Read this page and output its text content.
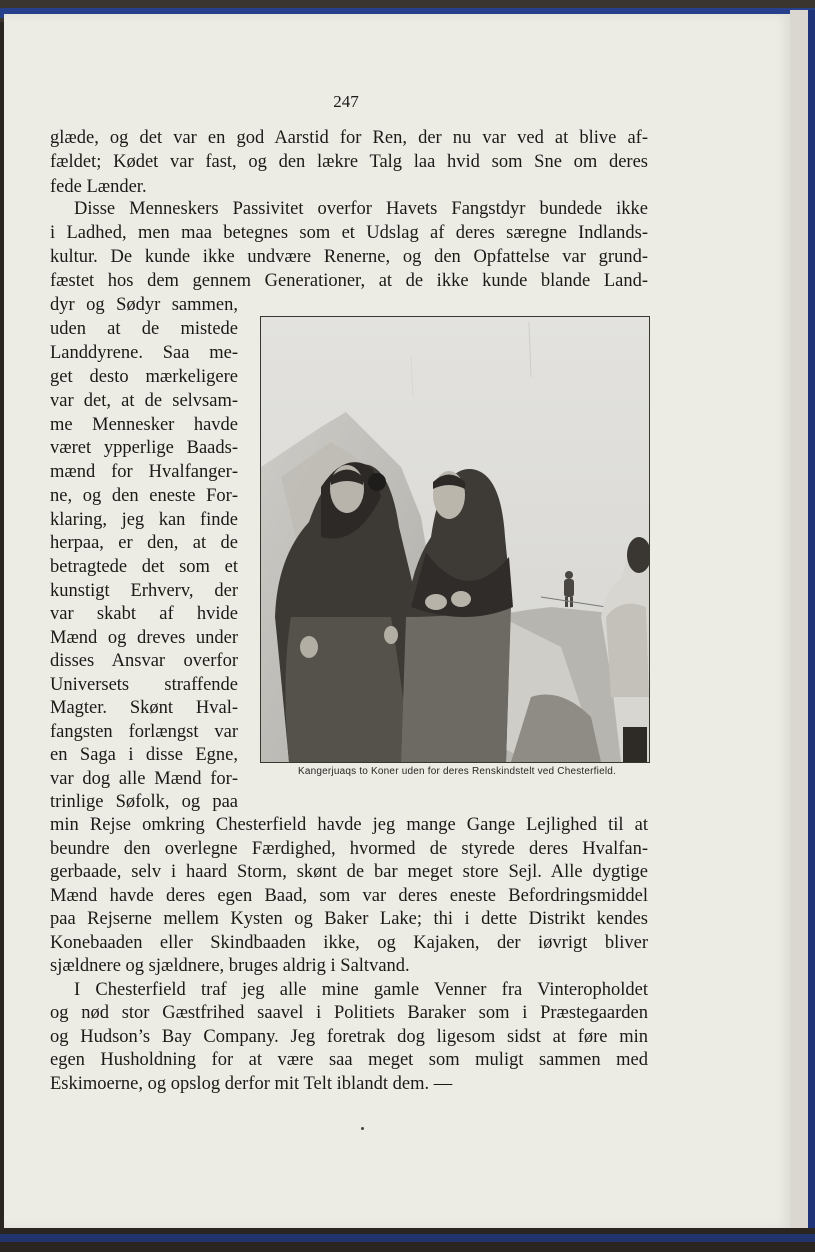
247
glæde, og det var en god Aarstid for Ren, der nu var ved at blive af‐
fældet; Kødet var fast, og den lækre Talg laa hvid som Sne om deres
fede Lænder.
Disse Menneskers Passivitet overfor Havets Fangstdyr bundede ikke
i Ladhed, men maa betegnes som et Udslag af deres særegne Indlands‐
kultur. De kunde ikke undvære Renerne, og den Opfattelse var grund‐
fæstet hos dem gennem Generationer, at de ikke kunde blande Land‐
dyr og Sødyr sammen,
uden at de mistede
Landdyrene. Saa me‐
get desto mærkeligere
var det, at de selvsam‐
me Mennesker havde
været ypperlige Baads‐
mænd for Hvalfanger‐
ne, og den eneste For‐
klaring, jeg kan finde
herpaa, er den, at de
betragtede det som et
kunstigt Erhverv, der
var skabt af hvide
Mænd og dreves under
disses Ansvar overfor
Universets straffende
Magter. Skønt Hval‐
fangsten forlængst var
en Saga i disse Egne,
var dog alle Mænd for‐
trinlige Søfolk, og paa
Kangerjuaqs to Koner uden for deres Renskindstelt ved Chesterfield.
min Rejse omkring Chesterfield havde jeg mange Gange Lejlighed til at
beundre den overlegne Færdighed, hvormed de styrede deres Hvalfan‐
gerbaade, selv i haard Storm, skønt de bar meget store Sejl. Alle dygtige
Mænd havde deres egen Baad, som var deres eneste Befordringsmiddel
paa Rejserne mellem Kysten og Baker Lake; thi i dette Distrikt kendes
Konebaaden eller Skindbaaden ikke, og Kajaken, der iøvrigt bliver
sjældnere og sjældnere, bruges aldrig i Saltvand.
I Chesterfield traf jeg alle mine gamle Venner fra Vinteropholdet
og nød stor Gæstfrihed saavel i Politiets Baraker som i Præstegaarden
og Hudson’s Bay Company. Jeg foretrak dog ligesom sidst at føre min
egen Husholdning for at være saa meget som muligt sammen med
Eskimoerne, og opslog derfor mit Telt iblandt dem. —
